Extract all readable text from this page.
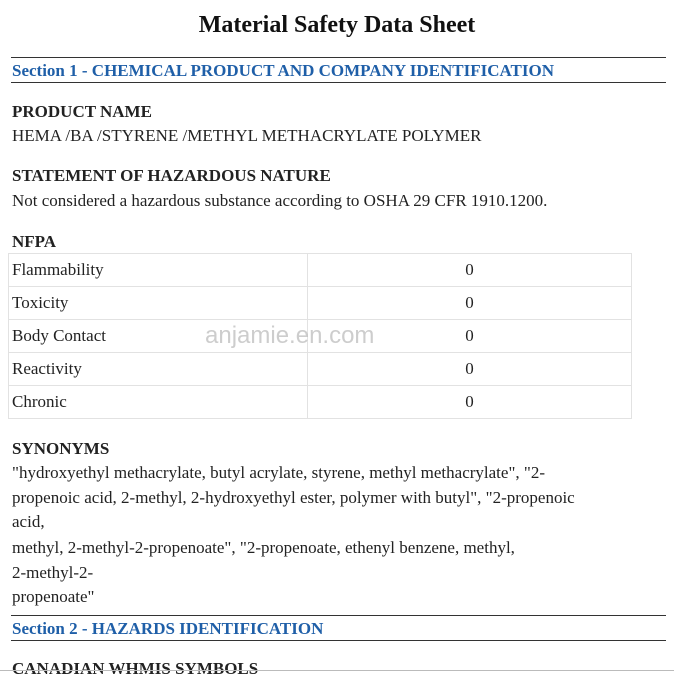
Material Safety Data Sheet
Section 1 - CHEMICAL PRODUCT AND COMPANY IDENTIFICATION
PRODUCT NAME
HEMA /BA /STYRENE /METHYL METHACRYLATE POLYMER
STATEMENT OF HAZARDOUS NATURE
Not considered a hazardous substance according to OSHA 29 CFR 1910.1200.
NFPA
Flammability	0
Toxicity	0
Body Contact	0
Reactivity	0
Chronic	0
SYNONYMS
"hydroxyethyl methacrylate, butyl acrylate, styrene, methyl methacrylate", "2-
propenoic acid, 2-methyl, 2-hydroxyethyl ester, polymer with butyl", "2-propenoic
acid,
methyl, 2-methyl-2-propenoate", "2-propenoate, ethenyl benzene, methyl,
2-methyl-2-
propenoate"
Section 2 - HAZARDS IDENTIFICATION
CANADIAN WHMIS SYMBOLS
anjamie.en.com
